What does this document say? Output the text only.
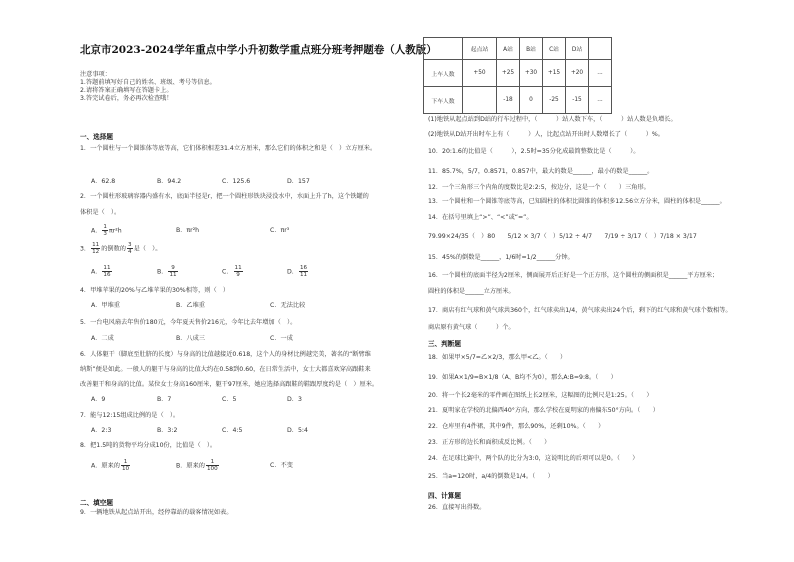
北京市2023-2024学年重点中学小升初数学重点班分班考押题卷（人教版）
注意事项：
1.答题前填写好自己的姓名、班级、考号等信息。
2.请将答案正确填写在答题卡上。
3.答完试卷后，务必再次检查哦！
一、选择题
1．一个圆柱与一个圆锥体等底等高，它们体积相差31.4立方厘米，那么它们的体积之和是（　）立方厘米。
A．62.8	B．94.2	C．125.6	D．157
2．一个圆柱形玻璃容器内盛有水，底面半径是r，把一个圆柱形铁块浸没水中，水面上升了h，这个铁罐的
体积是（　）。
A． $\frac{1}{3} \pi r^2h$	B．πr²h	C．πr³
3． $\frac{11}{12}$ 的倒数的 $\frac{3}{4}$ 是（　）。
A． $\frac{11}{16}$	B． $\frac{9}{11}$	C． $\frac{11}{9}$	D． $\frac{16}{11}$
4．甲堆苹果的20%与乙堆苹果的30%相等，则（　）
A．甲堆重	B．乙堆重	C．无法比较
5．一台电风扇去年售价180元，今年夏天售价216元，今年比去年增加（　）。
A．二成	B．八成三	C．一成
6．人体躯干（脚底至肚脐的长度）与身高的比值越接近0.618，这个人的身材比例越完美，著名的“断臂维
纳斯”便是如此。一般人的躯干与身高的比值大约在0.58到0.60，在日常生活中，女士大都喜欢穿高跟鞋来
改善躯干和身高的比值。某位女士身高160厘米，躯干97厘米，她应选择高跟鞋的鞋跟厚度约是（　）厘米。
A．9	B．7	C．5	D．3
7．能与12:15组成比例的是（　）。
A．2:3	B．3:2	C．4:5	D．5:4
8．把1.5吨的货物平均分成10份，比值是（　）。
A．原来的 $\frac{1}{10}$	B．原来的 $\frac{1}{100}$	C．不变
二、填空题
9．一辆地铁从起点站开出，经停靠站的载客情况如表。
	起点站	A站	B站	C站	D站	
上车人数	+50	+25	+30	+15	+20	...
下车人数		-18	0	-25	-15	...
(1)地铁从起点站到D站的行车过程中，（　　　）站人数下车，（　　　）站人数是负增长。
(2)地铁从D站开出时车上有（　　　）人，比起点站开出时人数增长了（　　　）%。
10．20:1.6的比值是（　　　），2.5时=35分化成最简整数比是（　　　）。
11．85.7%，5/7，0.8571，0.857中，最大的数是______，最小的数是______。
12．一个三角形三个内角的度数比是2:2:5，按边分，这是一个（　　）三角形。
13．一个圆柱和一个圆锥等底等高，已知圆柱的体积比圆锥的体积多12.56立方分米，圆柱的体积是______。
14．在括号里填上“>”、“<”或“=”。
79.99×24/35（　）80　　5/12 × 3/7（　）5/12 ÷ 4/7　　7/19 ÷ 3/17（　）7/18 × 3/17
15．45%的倒数是______，1/6时=1/2______分钟。
16．一个圆柱的底面半径为2厘米，侧面展开后正好是一个正方形，这个圆柱的侧面积是______平方厘米；
圆柱的体积是______立方厘米。
17．商店有红气球和黄气球共360个，红气球卖出1/4，黄气球卖出24个后，剩下的红气球和黄气球个数相等。
商店原有黄气球（　　　）个。
三、判断题
18．如果甲×5/7=乙×2/3，那么甲<乙。（　　）
19．如果A×1/9=B×1/8（A、B均不为0），那么A:B=9:8。（　　）
20．将一个长2毫米的零件画在图纸上长2厘米，这幅图的比例尺是1:25。（　　）
21．夏明家在学校的北偏西40°方向，那么学校在夏明家的南偏东50°方向。（　　）
22．仓库里有4件裙，其中9件，那么90%，还剩10%。（　　）
23．正方形的边长和面积成反比例。（　　）
24．在足球比赛中，两个队的比分为3:0，这说明比的后项可以是0。（　　）
25．当a=120时，a/4的倒数是1/4。（　　）
四、计算题
26．直接写出得数。
